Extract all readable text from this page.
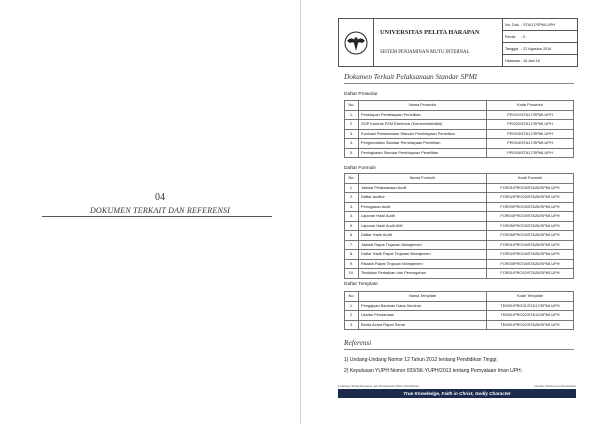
04
DOKUMEN TERKAIT DAN REFERENSI
UNIVERSITAS PELITA HARAPAN
SISTEM PENJAMINAN MUTU INTERNAL
No. Dok. : STA/17/SPMI-UPH
Revisi	: 0
Tanggal : 22 Agustus 2016
Halaman : 16 dari 16
Dokumen Terkait Pelaksanaan Standar SPMI
Daftar Prosedur
No.	Nama Prosedur	Kode Prosedur
1.	Penetapan Pembiayaan Penelitian	PRO01/STA17/SPMI-UPH
2.	SOP Kontrak PZM Eksternal (Kemenristekdikti)	PRO02/STA17/SPMI-UPH
3.	Evaluasi Pelaksanaan Standar Pembiayaan Penelitian	PRO03/STA17/SPMI-UPH
4.	Pengendalian Standar Pembiayaan Penelitian	PRO04/STA17/SPMI-UPH
5.	Peningkatan Standar Pembiayaan Penelitian	PRO05/STA17/SPMI-UPH
Daftar Formulir
No.	Nama Formulir	Kode Formulir
1.	Jadwal Pelaksanaan Audit	FOR01/PRO03/STA26/SPMI-UPH
2.	Daftar Auditor	FOR02/PRO03/STA26/SPMI-UPH
3.	Penugasan Audit	FOR03/PRO03/STA26/SPMI-UPH
4.	Laporan Hasil Audit	FOR04/PRO03/STA26/SPMI-UPH
5.	Laporan Hasil Audit AMI	FOR05/PRO03/STA26/SPMI-UPH
6.	Daftar Hadir Audit	FOR06/PRO03/STA26/SPMI-UPH
7.	Jadwal Rapat Tinjauan Manajemen	FOR01/PRO04/STA26/SPMI-UPH
8.	Daftar Hadir Rapat Tinjauan Manajemen	FOR02/PRO04/STA26/SPMI-UPH
9.	Risalah Rapat Tinjauan Manajemen	FOR03/PRO04/STA26/SPMI-UPH
10.	Tindakan Perbaikan dan Pencegahan	FOR01/PRO10/STA26/SPMI-UPH
Daftar Template
No.	Nama Template	Kode Template
1.	Pengajuan Bantuan Dana Seminar	TEM01/PRO01/STA17/SPMI-UPH
2.	Usulan Pendanaan	TEM01/PRO02/STA12/SPMI-UPH
3.	Berita Acara Rapat Senat	TEM01/PRO02/STA26/SPMI-UPH
Referensi
1) Undang-Undang Nomor 12 Tahun 2012 tentang Pendidikan Tinggi;
2) Keputusan YUPH Nomor 033/SK-YUPH/2013 tentang Pernyataan Iman UPH;
Lembaga Pengembangan dan Penjaminan Mutu Pendidikan	Standar Pembiayaan Penelitian
True Knowledge, Faith in Christ, Godly Character
